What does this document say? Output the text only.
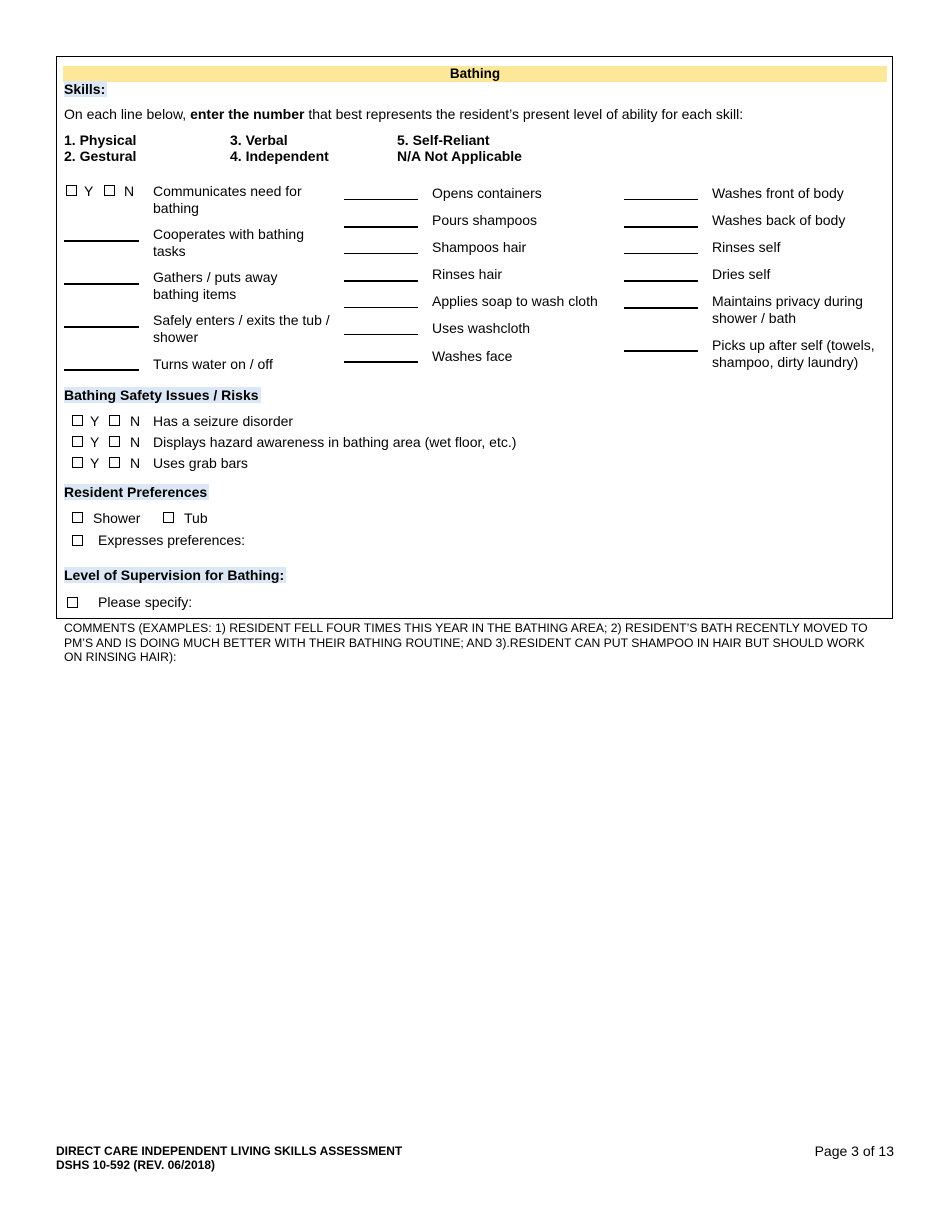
Bathing
Skills:
On each line below, enter the number that best represents the resident’s present level of ability for each skill:
1. Physical
2. Gestural
3. Verbal
4. Independent
5. Self-Reliant
N/A Not Applicable
Y N Communicates need for bathing
Cooperates with bathing tasks
Gathers / puts away bathing items
Safely enters / exits the tub / shower
Turns water on / off
Opens containers
Pours shampoos
Shampoos hair
Rinses hair
Applies soap to wash cloth
Uses washcloth
Washes face
Washes front of body
Washes back of body
Rinses self
Dries self
Maintains privacy during shower / bath
Picks up after self (towels, shampoo, dirty laundry)
Bathing Safety Issues / Risks
Y N Has a seizure disorder
Y N Displays hazard awareness in bathing area (wet floor, etc.)
Y N Uses grab bars
Resident Preferences
Shower	Tub
Expresses preferences:
Level of Supervision for Bathing:
Please specify:
COMMENTS (EXAMPLES: 1) RESIDENT FELL FOUR TIMES THIS YEAR IN THE BATHING AREA; 2) RESIDENT’S BATH RECENTLY MOVED TO PM’S AND IS DOING MUCH BETTER WITH THEIR BATHING ROUTINE; AND 3).RESIDENT CAN PUT SHAMPOO IN HAIR BUT SHOULD WORK ON RINSING HAIR):
DIRECT CARE INDEPENDENT LIVING SKILLS ASSESSMENT
DSHS 10-592 (REV. 06/2018)
Page 3 of 13
